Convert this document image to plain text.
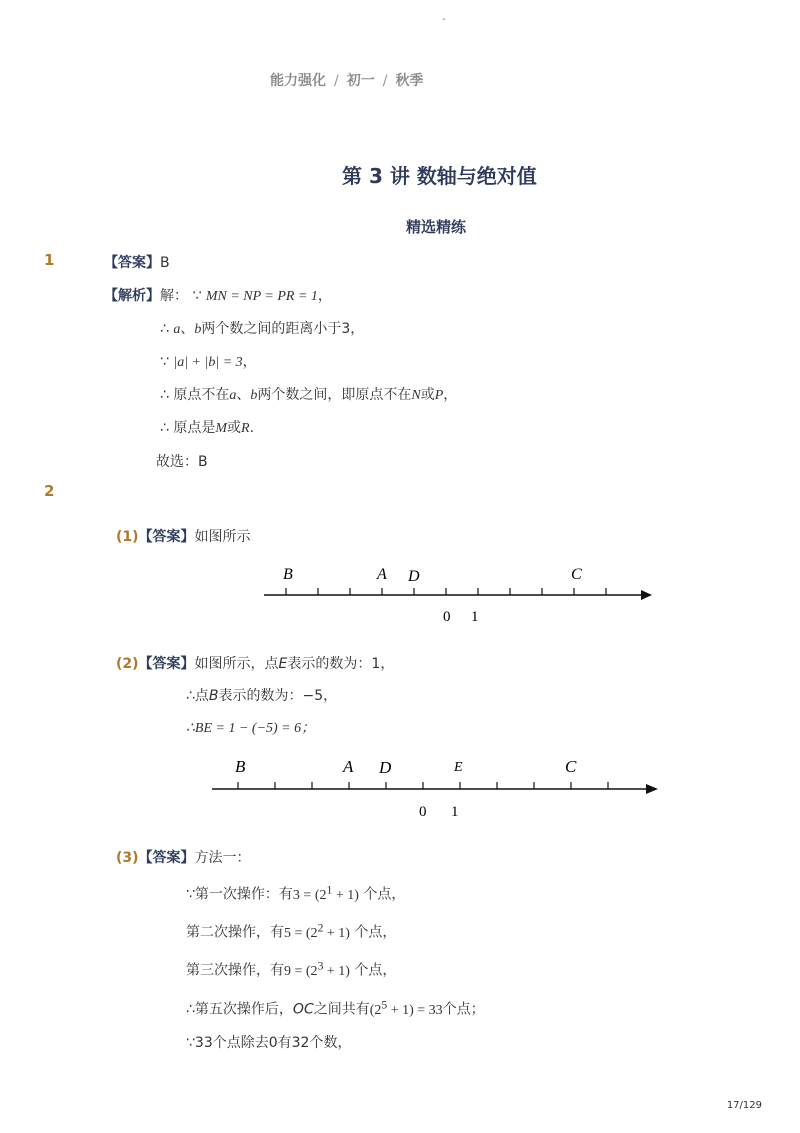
-
能力强化 / 初一 / 秋季
第 3 讲 数轴与绝对值
精选精练
1	【答案】B
【解析】解： ∵ MN = NP = PR = 1，
∴ a、b两个数之间的距离小于3，
∵ |a| + |b| = 3，
∴ 原点不在a、b两个数之间，即原点不在N或P，
∴ 原点是M或R.
故选：B
2
(1)【答案】如图所示
B	A D	C
0 1
(2)【答案】如图所示，点E表示的数为：1，
∴点B表示的数为：−5，
∴BE = 1 − (−5) = 6；
B	A D	E	C
0 1
(3)【答案】方法一：
∵第一次操作：有$3 = (2^1 + 1)$ 个点，
第二次操作，有$5 = (2^2 + 1)$ 个点，
第三次操作，有$9 = (2^3 + 1)$ 个点，
∴第五次操作后，OC之间共有$(2^5 + 1) = 33$个点；
∵33个点除去0有32个数，
17/129
